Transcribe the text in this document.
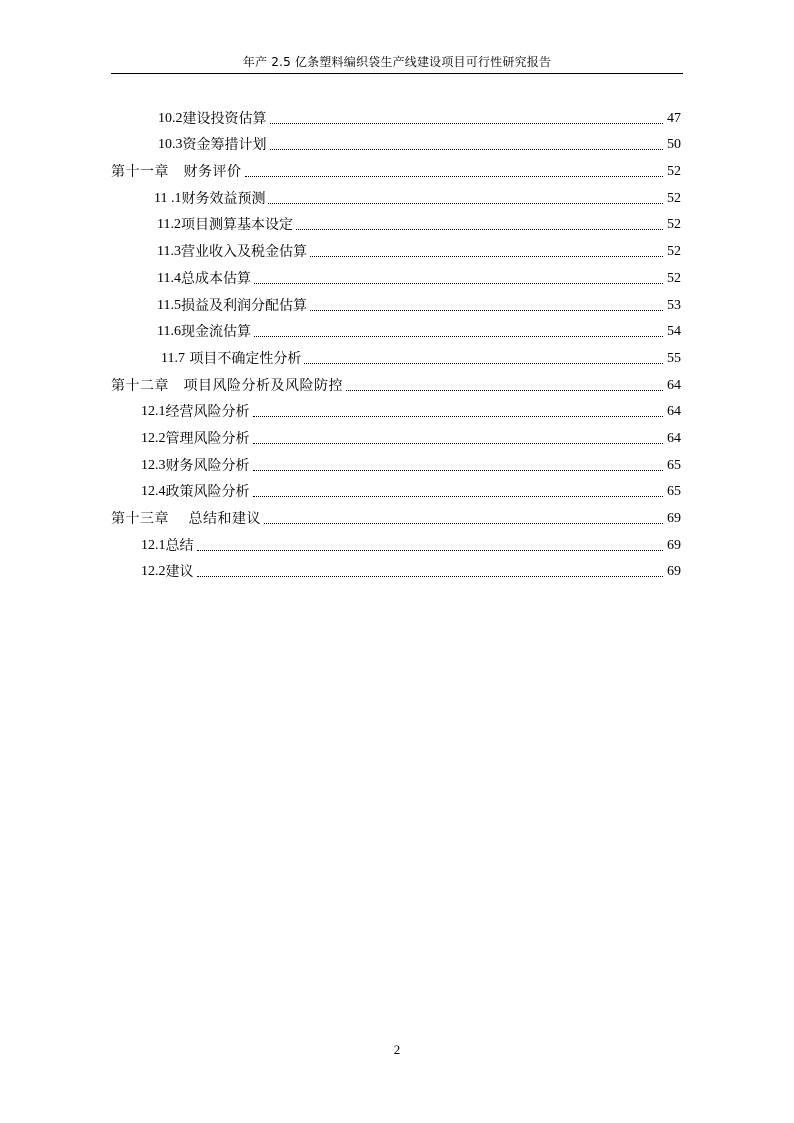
年产 2.5 亿条塑料编织袋生产线建设项目可行性研究报告
10.2 建设投资估算	47
10.3 资金筹措计划	50
第十一章　财务评价	52
11 .1 财务效益预测	52
11.2 项目测算基本设定	52
11.3 营业收入及税金估算	52
11.4 总成本估算	52
11.5 损益及利润分配估算	53
11.6 现金流估算	54
11.7 项目不确定性分析	55
第十二章　项目风险分析及风险防控	64
12.1 经营风险分析	64
12.2 管理风险分析	64
12.3 财务风险分析	65
12.4 政策风险分析	65
第十三章　 总结和建议	69
12.1 总结	69
12.2 建议	69
2
